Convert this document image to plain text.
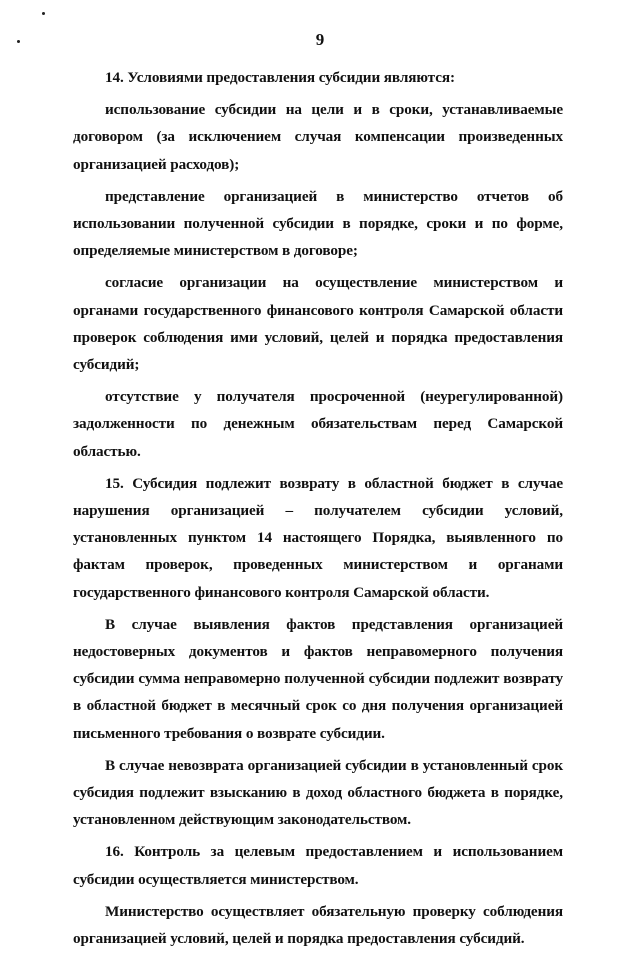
9

14. Условиями предоставления субсидии являются:

использование субсидии на цели и в сроки, устанавливаемые договором (за исключением случая компенсации произведенных организацией расходов);

представление организацией в министерство отчетов об использовании полученной субсидии в порядке, сроки и по форме, определяемые министерством в договоре;

согласие организации на осуществление министерством и органами государственного финансового контроля Самарской области проверок соблюдения ими условий, целей и порядка предоставления субсидий;

отсутствие у получателя просроченной (неурегулированной) задолженности по денежным обязательствам перед Самарской областью.

15. Субсидия подлежит возврату в областной бюджет в случае нарушения организацией – получателем субсидии условий, установленных пунктом 14 настоящего Порядка, выявленного по фактам проверок, проведенных министерством и органами государственного финансового контроля Самарской области.

В случае выявления фактов представления организацией недостоверных документов и фактов неправомерного получения субсидии сумма неправомерно полученной субсидии подлежит возврату в областной бюджет в месячный срок со дня получения организацией письменного требования о возврате субсидии.

В случае невозврата организацией субсидии в установленный срок субсидия подлежит взысканию в доход областного бюджета в порядке, установленном действующим законодательством.

16. Контроль за целевым предоставлением и использованием субсидии осуществляется министерством.

Министерство осуществляет обязательную проверку соблюдения организацией условий, целей и порядка предоставления субсидий.
